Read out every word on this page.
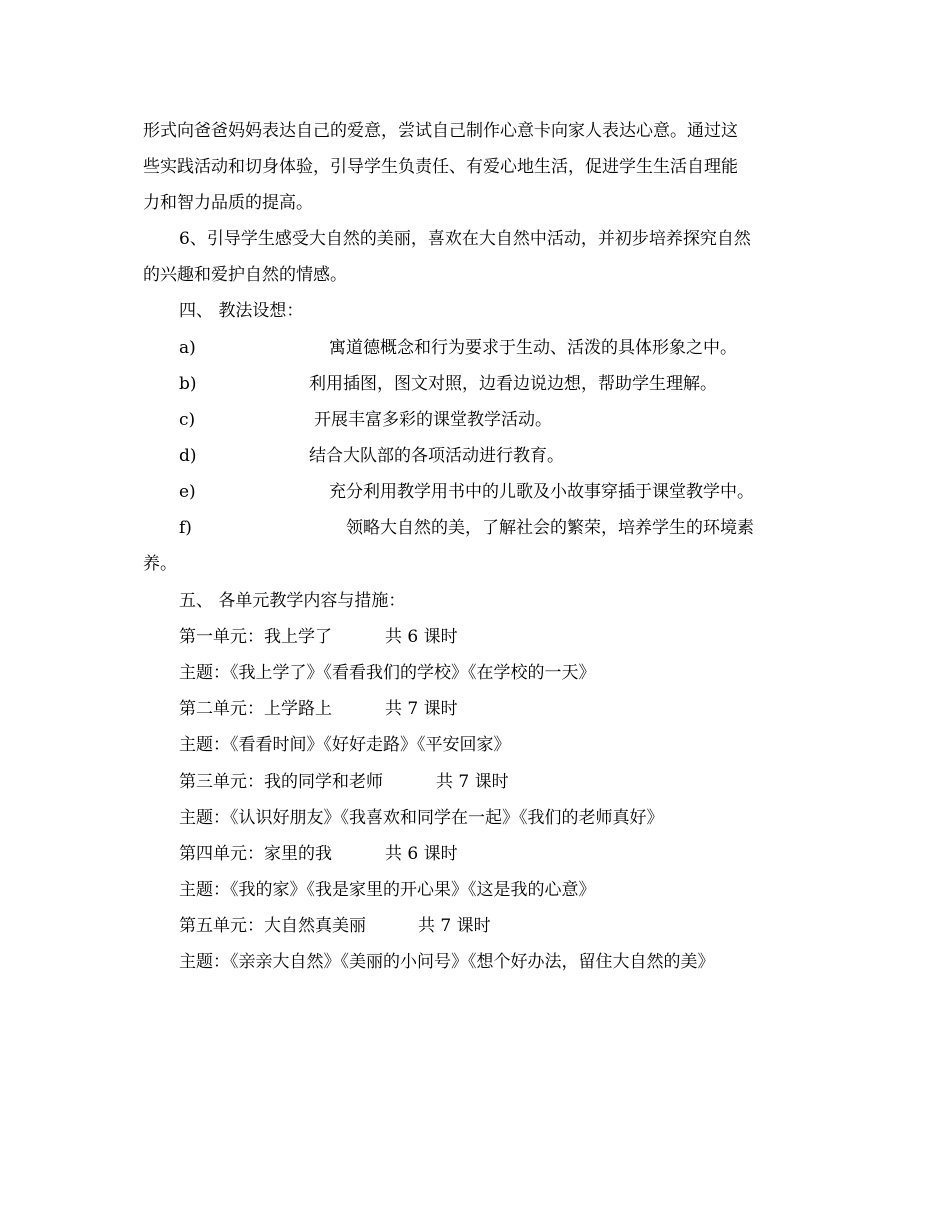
形式向爸爸妈妈表达自己的爱意，尝试自己制作心意卡向家人表达心意。通过这
些实践活动和切身体验，引导学生负责任、有爱心地生活，促进学生生活自理能
力和智力品质的提高。
6、引导学生感受大自然的美丽，喜欢在大自然中活动，并初步培养探究自然
的兴趣和爱护自然的情感。
四、 教法设想：
a)	寓道德概念和行为要求于生动、活泼的具体形象之中。
b)	利用插图，图文对照，边看边说边想，帮助学生理解。
c)	开展丰富多彩的课堂教学活动。
d)	结合大队部的各项活动进行教育。
e)	充分利用教学用书中的儿歌及小故事穿插于课堂教学中。
f)	领略大自然的美，了解社会的繁荣，培养学生的环境素
养。
五、 各单元教学内容与措施：
第一单元：我上学了	共 6 课时
主题：《我上学了》《看看我们的学校》《在学校的一天》
第二单元：上学路上	共 7 课时
主题：《看看时间》《好好走路》《平安回家》
第三单元：我的同学和老师	共 7 课时
主题：《认识好朋友》《我喜欢和同学在一起》《我们的老师真好》
第四单元：家里的我	共 6 课时
主题：《我的家》《我是家里的开心果》《这是我的心意》
第五单元：大自然真美丽	共 7 课时
主题：《亲亲大自然》《美丽的小问号》《想个好办法，留住大自然的美》
